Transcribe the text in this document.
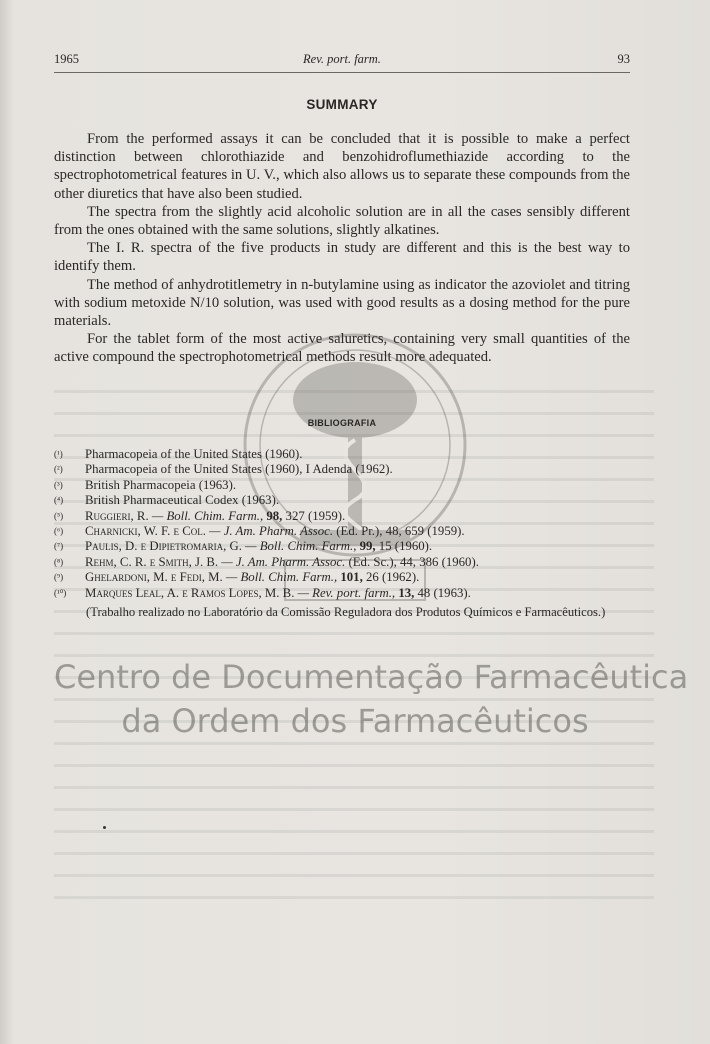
1965	Rev. port. farm.	93
SUMMARY

From the performed assays it can be concluded that it is possible to make a perfect distinction between chlorothiazide and benzohidroflumethiazide according to the spectrophotometrical features in U. V., which also allows us to separate these compounds from the other diuretics that have also been studied.

The spectra from the slightly acid alcoholic solution are in all the cases sensibly different from the ones obtained with the same solutions, slightly alkatines.

The I. R. spectra of the five products in study are different and this is the best way to identify them.

The method of anhydrotitlemetry in n-butylamine using as indicator the azoviolet and titring with sodium metoxide N/10 solution, was used with good results as a dosing method for the pure materials.

For the tablet form of the most active saluretics, containing very small quantities of the active compound the spectrophotometrical methods result more adequated.

BIBLIOGRAFIA
(¹) Pharmacopeia of the United States (1960).
(²) Pharmacopeia of the United States (1960), I Adenda (1962).
(³) British Pharmacopeia (1963).
(⁴) British Pharmaceutical Codex (1963).
(⁵) Ruggieri, R. — Boll. Chim. Farm., 98, 327 (1959).
(⁶) Charnicki, W. F. e Col. — J. Am. Pharm. Assoc. (Ed. Pr.), 48, 659 (1959).
(⁷) Paulis, D. e Dipietromaria, G. — Boll. Chim. Farm., 99, 15 (1960).
(⁸) Rehm, C. R. e Smith, J. B. — J. Am. Pharm. Assoc. (Ed. Sc.), 44, 386 (1960).
(⁹) Ghelardoni, M. e Fedi, M. — Boll. Chim. Farm., 101, 26 (1962).
(¹⁰) Marques Leal, A. e Ramos Lopes, M. B. — Rev. port. farm., 13, 48 (1963).
(Trabalho realizado no Laboratório da Comissão Reguladora dos Produtos Químicos e Farmacêuticos.)
Centro de Documentação Farmacêutica
da Ordem dos Farmacêuticos
